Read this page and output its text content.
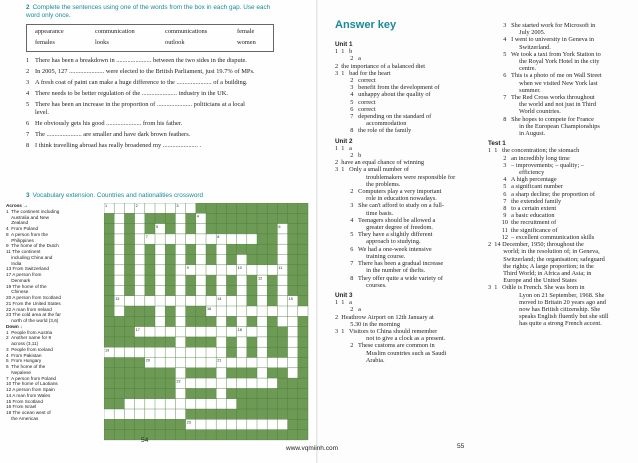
2 Complete the sentences using one of the words from the box in each gap. Use each
word only once.
appearance	communication	communications	female
females	looks	outlook	women
1 There has been a breakdown in ...................... between the two sides in the dispute.
2 In 2005, 127 ...................... were elected to the British Parliament, just 19.7% of MPs.
3 A fresh coat of paint can make a huge difference to the ...................... of a building.
4 There needs to be better regulation of the ...................... industry in the UK.
5 There has been an increase in the proportion of ...................... politicians at a local
level.
6 He obviously gets his good ...................... from his father.
7 The ...................... are smaller and have dark brown feathers.
8 I think travelling abroad has really broadened my ...................... .
3 Vocabulary extension. Countries and nationalities crossword
Across →
1  The continent including
Australia and New
Zealand
4  From Poland
8  A person from the
Philippines
9  The home of the Dutch
11 The continent
including China and
India
13 From Switzerland
17 A person from
Denmark
19 The home of the
Chinese
20 A person from Scotland
21 From the United States
22 A man from Ireland
23 The cold area at the far
north of the world (3,6)
Down ↓
1  People from Austria
2  Another name for 9
across (3,11)
3  People from Iceland
4  From Pakistan
5  From Hungary
6  The home of the
Nepalese
7  A person from Poland
10 The home of Laotians
12 A person from Spain
14 A man from Wales
15 From Scotland
16 From Israel
18 The ocean west of
the Americas
1	2	3
4
5	6
7	8
9	10	11
12
13	14	15
16
17	18
19
20	21
22
23
54
Answer key
Unit 1
1  1   b
2   a
2  the importance of a balanced diet
3  1   bad for the heart
2   correct
3   benefit from the development of
4   unhappy about the quality of
5   correct
6   correct
7   depending on the standard of
accommodation
8   the role of the family
Unit 2
1  1   a
2   b
2  have an equal chance of winning
3  1   Only a small number of
troublemakers were responsible for
the problems.
2   Computers play a very important
role in education nowadays.
3   She can't afford to study on a full-
time basis.
4   Teenagers should be allowed a
greater degree of freedom.
5   They have a slightly different
approach to studying.
6   We had a one-week intensive
training course.
7   There has been a gradual increase
in the number of thefts.
8   They offer quite a wide variety of
courses.
Unit 3
1  1   a
2   a
2  Heathrow Airport on 12th January at
5.30 in the morning
3  1   Visitors to China should remember
not to give a clock as a present.
2   These customs are common in
Muslim countries such as Saudi
Arabia.
3   She started work for Microsoft in
July 2005.
4   I went to university in Geneva in
Switzerland.
5   We took a taxi from York Station to
the Royal York Hotel in the city
centre.
6   This is a photo of me on Wall Street
when we visited New York last
summer.
7   The Red Cross works throughout
the world and not just in Third
World countries.
8   She hopes to compete for France
in the European Championships
in August.
Test 1
1  1   the concentration; the stomach
2   an incredibly long time
3   – improvements; – quality; –
efficiency
4   A high percentage
5   a significant number
6   a sharp decline; the proportion of
7   the extended family
8   to a certain extent
9   a basic education
10  the recruitment of
11  the significance of
12  – excellent communication skills
2  14 December, 1950; throughout the
world; in the resolution of; in Geneva,
Switzerland; the organisation; safeguard
the rights; A large proportion; in the
Third World; in Africa and Asia; in
Europe and the United States
3  1   Odile is French. She was born in
Lyon on 21 September, 1968. She
moved to Britain 20 years ago and
now has British citizenship. She
speaks English fluently but she still
has quite a strong French accent.
55
www.vqmiinh.com
